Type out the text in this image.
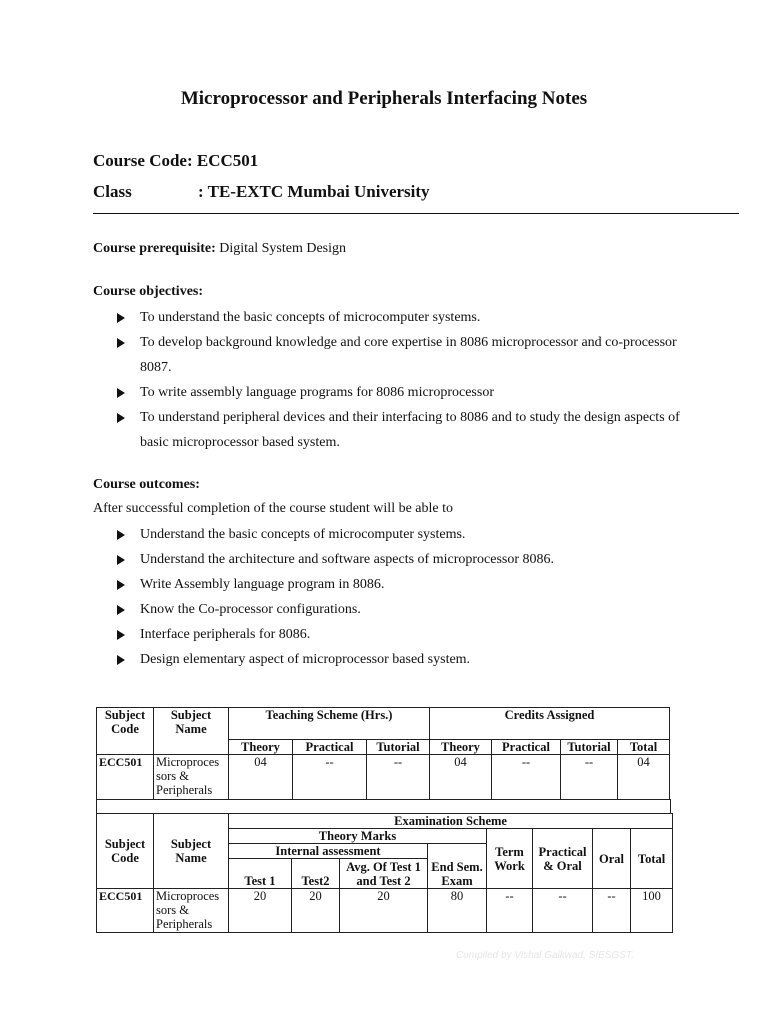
Microprocessor and Peripherals Interfacing Notes
Course Code: ECC501
Class	: TE-EXTC Mumbai University
Course prerequisite: Digital System Design
Course objectives:
To understand the basic concepts of microcomputer systems.
To develop background knowledge and core expertise in 8086 microprocessor and co-processor 8087.
To write assembly language programs for 8086 microprocessor
To understand peripheral devices and their interfacing to 8086 and to study the design aspects of basic microprocessor based system.
Course outcomes:
After successful completion of the course student will be able to
Understand the basic concepts of microcomputer systems.
Understand the architecture and software aspects of microprocessor 8086.
Write Assembly language program in 8086.
Know the Co-processor configurations.
Interface peripherals for 8086.
Design elementary aspect of microprocessor based system.
Subject Code	Subject Name	Teaching Scheme (Hrs.)			Credits Assigned			
		Theory	Practical	Tutorial	Theory	Practical	Tutorial	Total
ECC501	Microproces sors & Peripherals	04	--	--	04	--	--	04
Subject Code	Subject Name	Examination Scheme							
		Theory Marks				Term Work	Practical & Oral	Oral	Total
		Internal assessment			End Sem. Exam				
		Test 1	Test2	Avg. Of Test 1 and Test 2					
ECC501	Microproces sors & Peripherals	20	20	20	80	--	--	--	100
Compiled by Vishal Gaikwad, SIESGST.
